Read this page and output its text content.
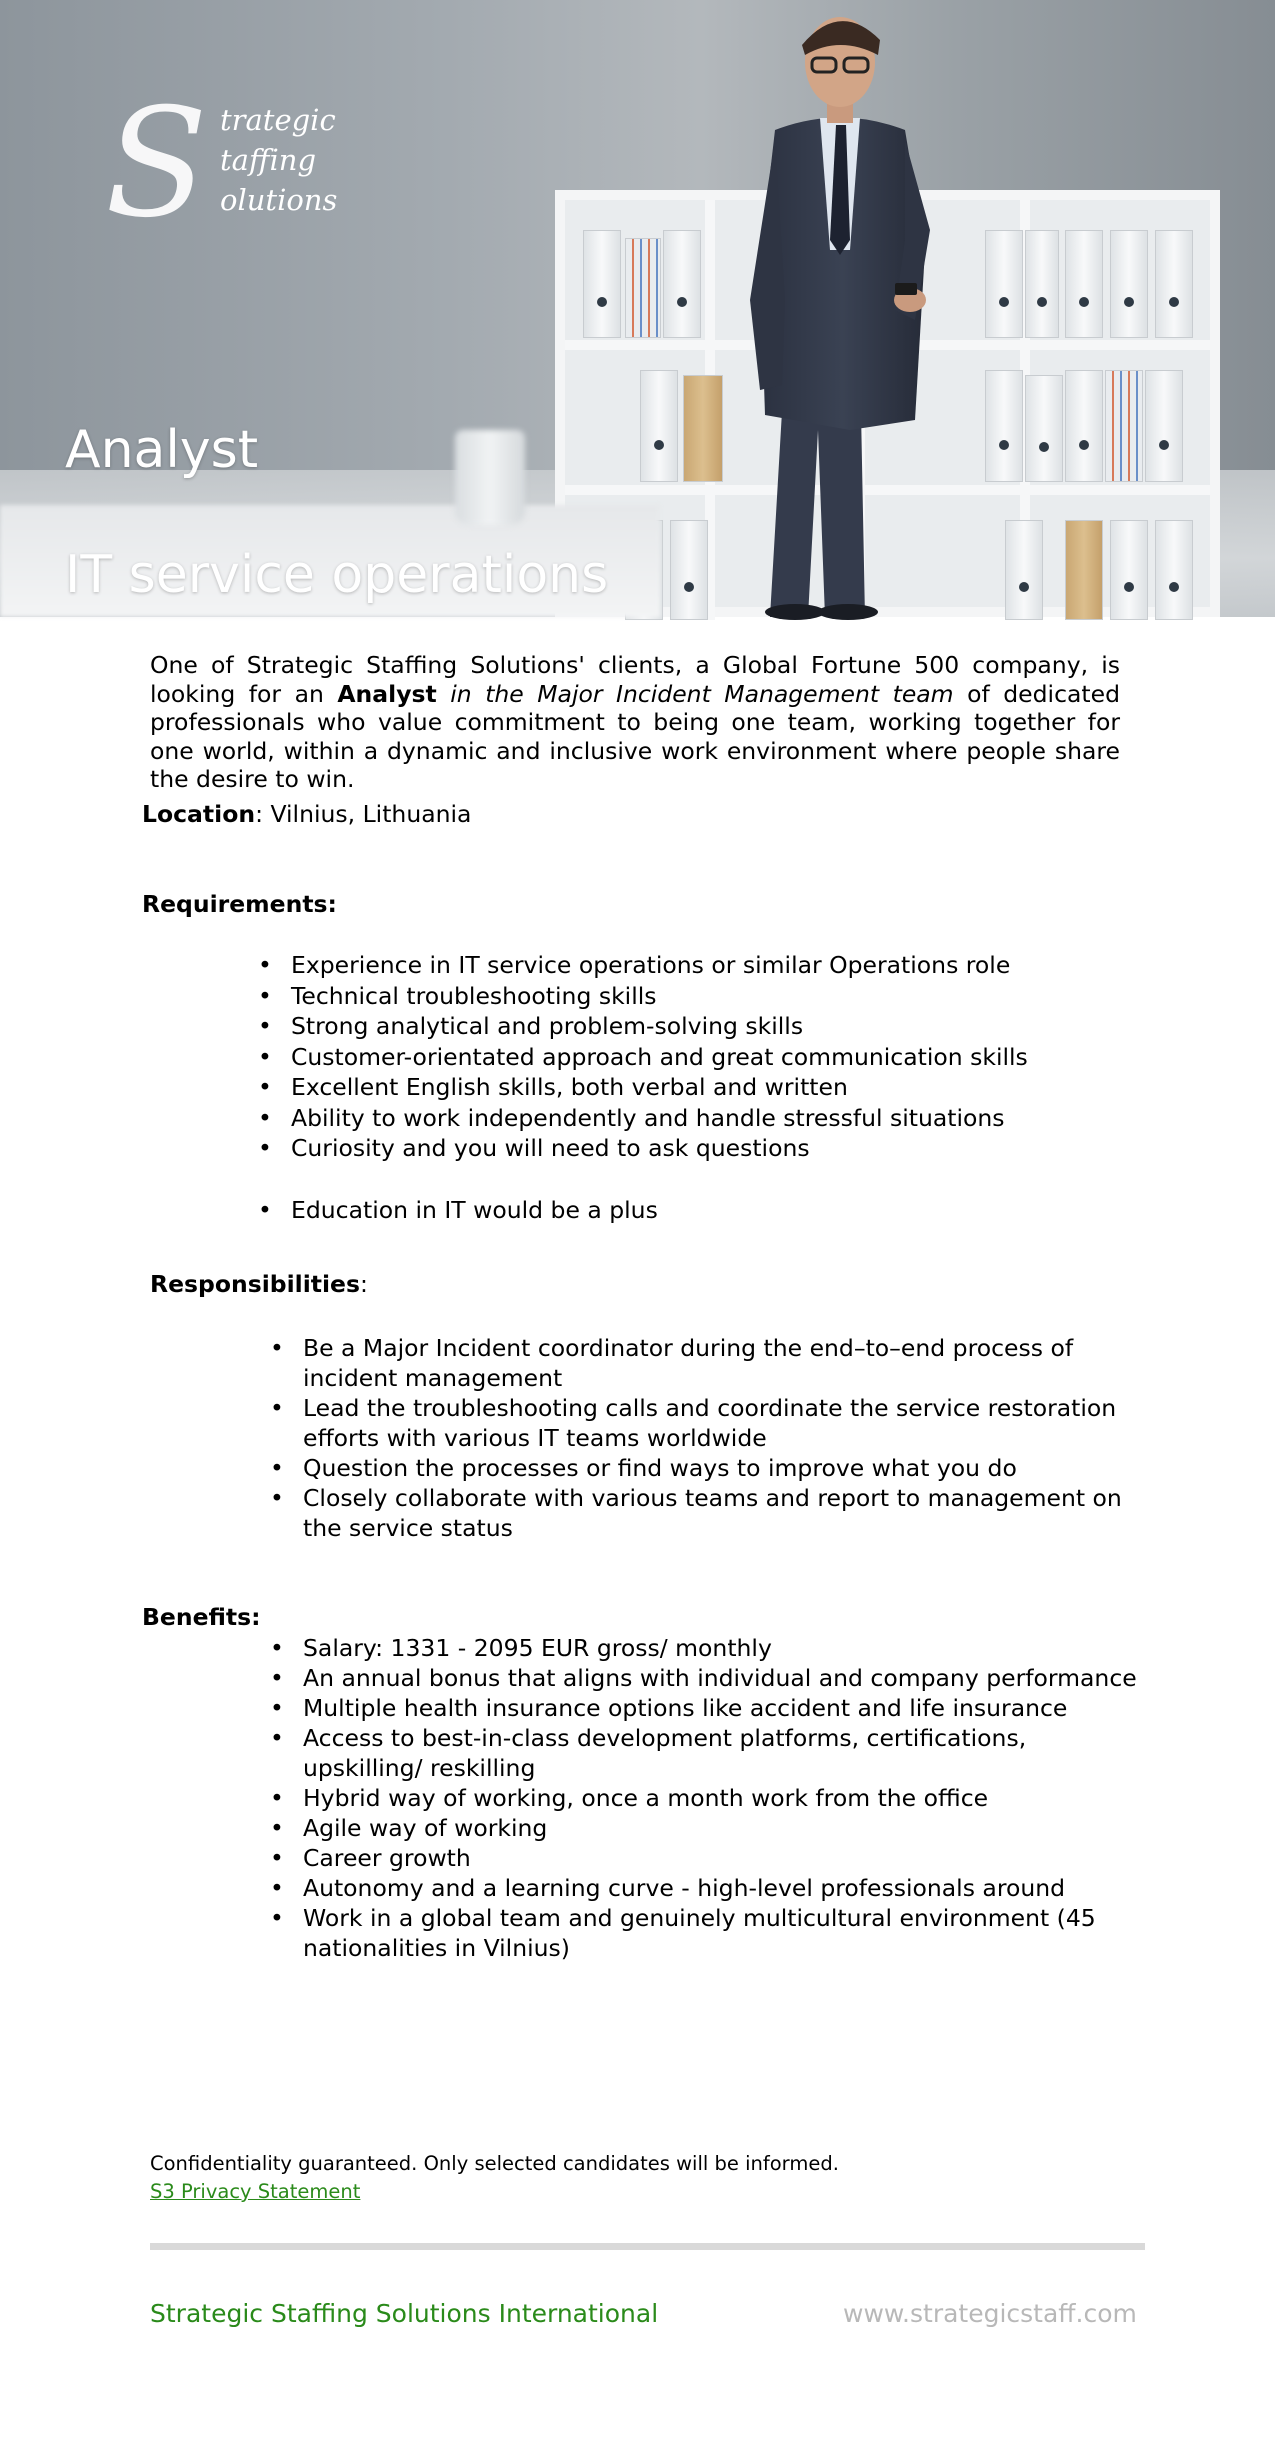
S trategic
taffing
olutions
Analyst
IT service operations
One of Strategic Staffing Solutions' clients, a Global Fortune 500 company, is looking for an Analyst in the Major Incident Management team of dedicated professionals who value commitment to being one team, working together for one world, within a dynamic and inclusive work environment where people share the desire to win.
Location: Vilnius, Lithuania
Requirements:
• Experience in IT service operations or similar Operations role
• Technical troubleshooting skills
• Strong analytical and problem-solving skills
• Customer-orientated approach and great communication skills
• Excellent English skills, both verbal and written
• Ability to work independently and handle stressful situations
• Curiosity and you will need to ask questions
• Education in IT would be a plus
Responsibilities:
• Be a Major Incident coordinator during the end–to–end process of incident management
• Lead the troubleshooting calls and coordinate the service restoration efforts with various IT teams worldwide
• Question the processes or find ways to improve what you do
• Closely collaborate with various teams and report to management on the service status
Benefits:
• Salary: 1331 - 2095 EUR gross/ monthly
• An annual bonus that aligns with individual and company performance
• Multiple health insurance options like accident and life insurance
• Access to best-in-class development platforms, certifications, upskilling/ reskilling
• Hybrid way of working, once a month work from the office
• Agile way of working
• Career growth
• Autonomy and a learning curve - high-level professionals around
• Work in a global team and genuinely multicultural environment (45 nationalities in Vilnius)
Confidentiality guaranteed. Only selected candidates will be informed.
S3 Privacy Statement
Strategic Staffing Solutions International	www.strategicstaff.com
